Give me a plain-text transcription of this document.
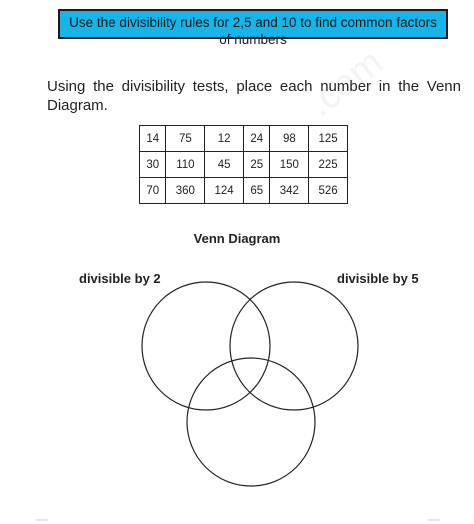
Use the divisibility rules for 2,5 and 10 to find common factors of numbers
Using the divisibility tests, place each number in the Venn Diagram.	.com
14	75	12	24	98	125
30	110	45	25	150	225
70	360	124	65	342	526
Venn Diagram
divisible by 2	divisible by 5
